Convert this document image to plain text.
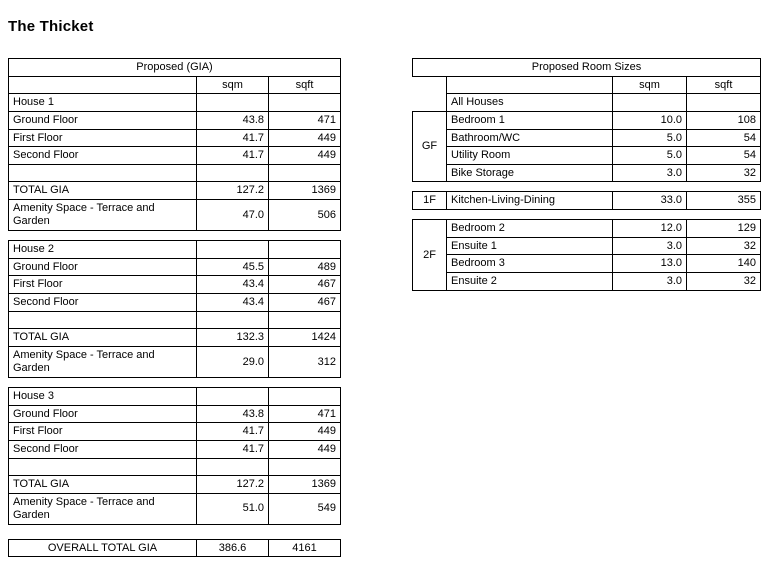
The Thicket
Proposed (GIA)		
	sqm	sqft
House 1		
Ground Floor	43.8	471
First Floor	41.7	449
Second Floor	41.7	449

TOTAL GIA	127.2	1369
Amenity Space - Terrace and Garden	47.0	506
House 2		
Ground Floor	45.5	489
First Floor	43.4	467
Second Floor	43.4	467

TOTAL GIA	132.3	1424
Amenity Space - Terrace and Garden	29.0	312
House 3		
Ground Floor	43.8	471
First Floor	41.7	449
Second Floor	41.7	449

TOTAL GIA	127.2	1369
Amenity Space - Terrace and Garden	51.0	549
OVERALL TOTAL GIA	386.6	4161
Proposed Room Sizes			
		sqm	sqft
	All Houses		
GF	Bedroom 1	10.0	108
	Bathroom/WC	5.0	54
	Utility Room	5.0	54
	Bike Storage	3.0	32
1F	Kitchen-Living-Dining	33.0	355
2F	Bedroom 2	12.0	129
	Ensuite 1	3.0	32
	Bedroom 3	13.0	140
	Ensuite 2	3.0	32
